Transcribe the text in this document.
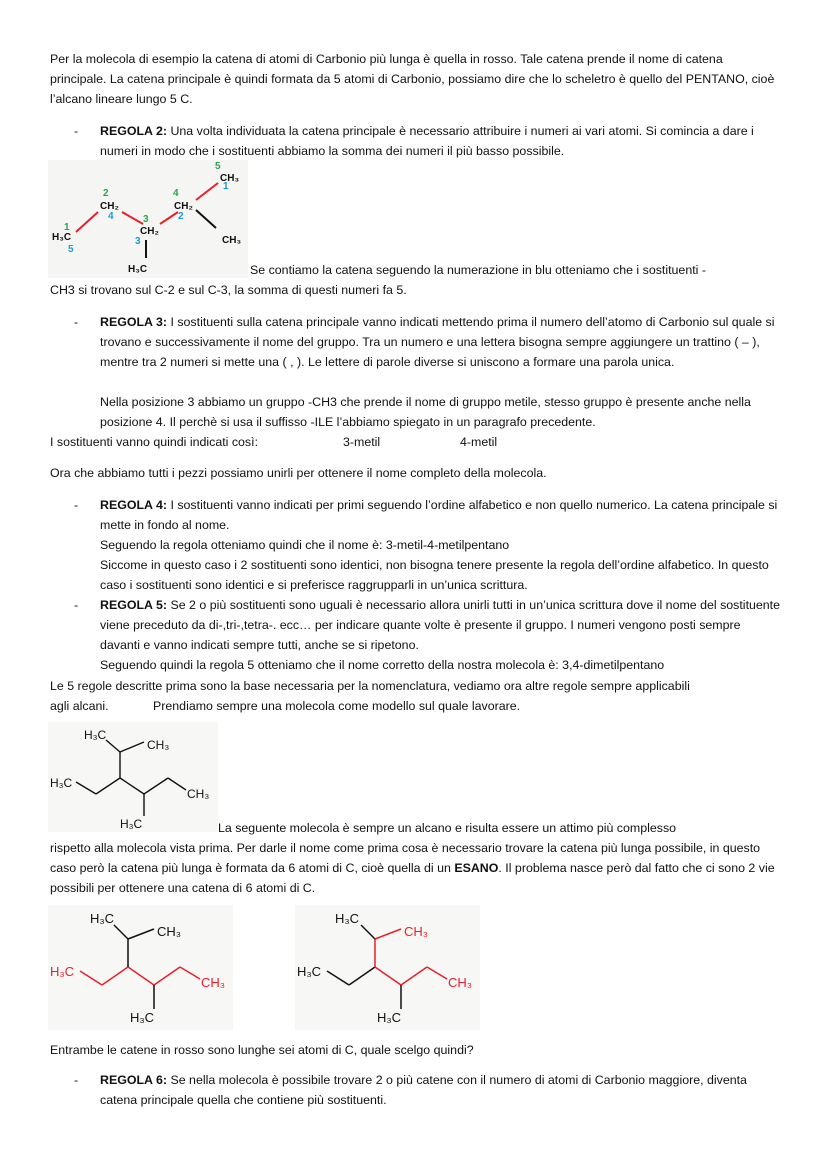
Per la molecola di esempio la catena di atomi di Carbonio più lunga è quella in rosso. Tale catena prende il nome di catena principale. La catena principale è quindi formata da 5 atomi di Carbonio, possiamo dire che lo scheletro è quello del PENTANO, cioè l’alcano lineare lungo 5 C.
- REGOLA 2: Una volta individuata la catena principale è necessario attribuire i numeri ai vari atomi. Si comincia a dare i numeri in modo che i sostituenti abbiamo la somma dei numeri il più basso possibile.
H₃C
CH₂
CH₂
CH₂
CH₃
CH₃
H₃C
1
2
3
4
5
5
4
3
2
1
Se contiamo la catena seguendo la numerazione in blu otteniamo che i sostituenti -
CH3 si trovano sul C-2 e sul C-3, la somma di questi numeri fa 5.
- REGOLA 3: I sostituenti sulla catena principale vanno indicati mettendo prima il numero dell’atomo di Carbonio sul quale si trovano e successivamente il nome del gruppo. Tra un numero e una lettera bisogna sempre aggiungere un trattino ( – ), mentre tra 2 numeri si mette una ( , ). Le lettere di parole diverse si uniscono a formare una parola unica.
Nella posizione 3 abbiamo un gruppo -CH3 che prende il nome di gruppo metile, stesso gruppo è presente anche nella posizione 4. Il perchè si usa il suffisso -ILE l’abbiamo spiegato in un paragrafo precedente.
I sostituenti vanno quindi indicati così:	3-metil	4-metil
Ora che abbiamo tutti i pezzi possiamo unirli per ottenere il nome completo della molecola.
- REGOLA 4: I sostituenti vanno indicati per primi seguendo l’ordine alfabetico e non quello numerico. La catena principale si mette in fondo al nome.
Seguendo la regola otteniamo quindi che il nome è: 3-metil-4-metilpentano
Siccome in questo caso i 2 sostituenti sono identici, non bisogna tenere presente la regola dell’ordine alfabetico. In questo caso i sostituenti sono identici e si preferisce raggrupparli in un’unica scrittura.
- REGOLA 5: Se 2 o più sostituenti sono uguali è necessario allora unirli tutti in un’unica scrittura dove il nome del sostituente viene preceduto da di-,tri-,tetra-. ecc… per indicare quante volte è presente il gruppo. I numeri vengono posti sempre davanti e vanno indicati sempre tutti, anche se si ripetono.
Seguendo quindi la regola 5 otteniamo che il nome corretto della nostra molecola è: 3,4-dimetilpentano
Le 5 regole descritte prima sono la base necessaria per la nomenclatura, vediamo ora altre regole sempre applicabili
agli alcani.	Prendiamo sempre una molecola come modello sul quale lavorare.
H₃C
CH₃
H₃C
CH₃
H₃C	La seguente molecola è sempre un alcano e risulta essere un attimo più complesso
rispetto alla molecola vista prima. Per darle il nome come prima cosa è necessario trovare la catena più lunga possibile, in questo caso però la catena più lunga è formata da 6 atomi di C, cioè quella di un ESANO. Il problema nasce però dal fatto che ci sono 2 vie possibili per ottenere una catena di 6 atomi di C.
H₃C
CH₃
H₃C
CH₃
H₃C
H₃C
CH₃
H₃C
CH₃
H₃C
Entrambe le catene in rosso sono lunghe sei atomi di C, quale scelgo quindi?
- REGOLA 6: Se nella molecola è possibile trovare 2 o più catene con il numero di atomi di Carbonio maggiore, diventa catena principale quella che contiene più sostituenti.
